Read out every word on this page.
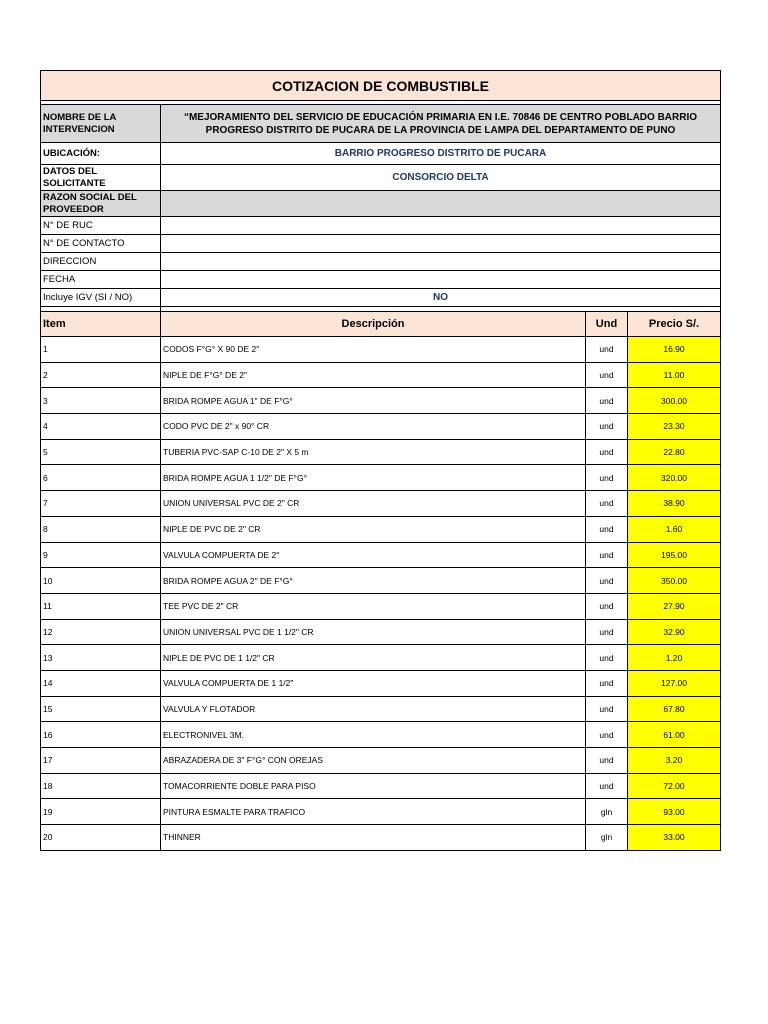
COTIZACION DE COMBUSTIBLE			

NOMBRE DE LA INTERVENCION	“MEJORAMIENTO DEL SERVICIO DE EDUCACIÓN PRIMARIA EN I.E. 70846 DE CENTRO POBLADO BARRIO PROGRESO DISTRITO DE PUCARA DE LA PROVINCIA DE LAMPA DEL DEPARTAMENTO DE PUNO		
UBICACIÓN:	BARRIO PROGRESO DISTRITO DE PUCARA		
DATOS DEL SOLICITANTE	CONSORCIO DELTA		
RAZON SOCIAL DEL PROVEEDOR			
N° DE RUC			
N° DE CONTACTO			
DIRECCION			
FECHA			
Incluye IGV (SI / NO)	NO		

Item	Descripción	Und	Precio S/.
1	CODOS F°G° X 90 DE 2"	und	16.90
2	NIPLE DE F°G° DE 2"	und	11.00
3	BRIDA ROMPE AGUA 1" DE F°G°	und	300.00
4	CODO PVC DE 2" x 90° CR	und	23.30
5	TUBERIA PVC-SAP C-10 DE 2" X 5 m	und	22.80
6	BRIDA ROMPE AGUA 1 1/2" DE F°G°	und	320.00
7	UNION UNIVERSAL PVC DE 2" CR	und	38.90
8	NIPLE DE PVC DE 2" CR	und	1.60
9	VALVULA COMPUERTA DE 2"	und	195.00
10	BRIDA ROMPE AGUA 2" DE F°G°	und	350.00
11	TEE PVC DE 2" CR	und	27.90
12	UNION UNIVERSAL PVC DE 1 1/2" CR	und	32.90
13	NIPLE DE PVC DE 1 1/2" CR	und	1.20
14	VALVULA COMPUERTA DE 1 1/2"	und	127.00
15	VALVULA Y FLOTADOR	und	67.80
16	ELECTRONIVEL 3M.	und	61.00
17	ABRAZADERA DE 3" F°G° CON OREJAS	und	3.20
18	TOMACORRIENTE DOBLE PARA PISO	und	72.00
19	PINTURA ESMALTE PARA TRAFICO	gln	93.00
20	THINNER	gln	33.00
